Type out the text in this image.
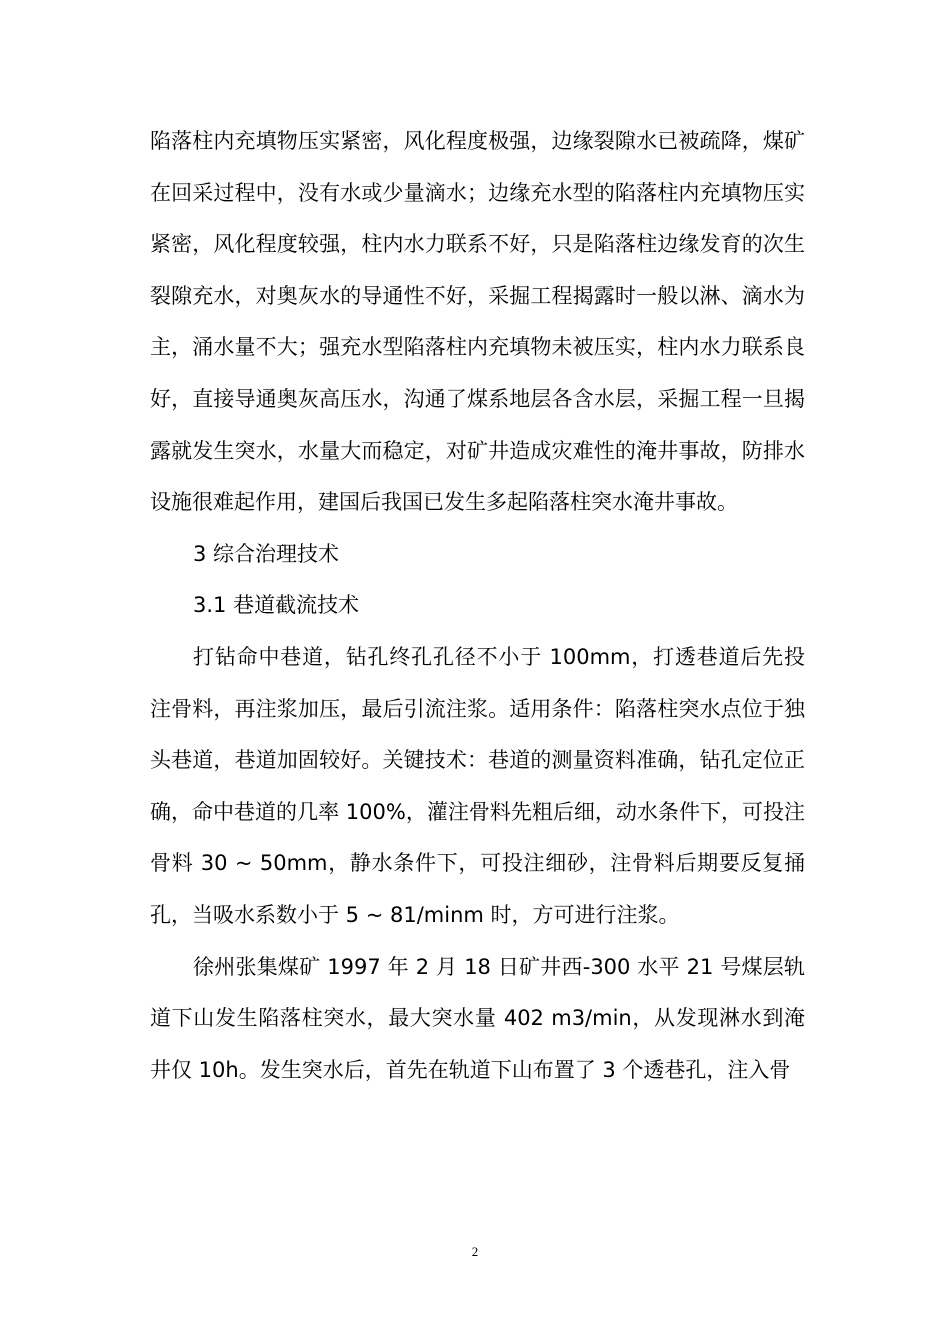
陷落柱内充填物压实紧密，风化程度极强，边缘裂隙水已被疏降，煤矿在回采过程中，没有水或少量滴水；边缘充水型的陷落柱内充填物压实紧密，风化程度较强，柱内水力联系不好，只是陷落柱边缘发育的次生裂隙充水，对奥灰水的导通性不好，采掘工程揭露时一般以淋、滴水为主，涌水量不大；强充水型陷落柱内充填物未被压实，柱内水力联系良好，直接导通奥灰高压水，沟通了煤系地层各含水层，采掘工程一旦揭露就发生突水，水量大而稳定，对矿井造成灾难性的淹井事故，防排水设施很难起作用，建国后我国已发生多起陷落柱突水淹井事故。

3 综合治理技术

3.1 巷道截流技术

打钻命中巷道，钻孔终孔孔径不小于 100mm，打透巷道后先投注骨料，再注浆加压，最后引流注浆。适用条件：陷落柱突水点位于独头巷道，巷道加固较好。关键技术：巷道的测量资料准确，钻孔定位正确，命中巷道的几率 100%，灌注骨料先粗后细，动水条件下，可投注骨料 30 ~ 50mm，静水条件下，可投注细砂，注骨料后期要反复捅孔，当吸水系数小于 5 ~ 81/minm 时，方可进行注浆。

徐州张集煤矿 1997 年 2 月 18 日矿井西-300 水平 21 号煤层轨道下山发生陷落柱突水，最大突水量 402 m3/min，从发现淋水到淹井仅 10h。发生突水后，首先在轨道下山布置了 3 个透巷孔，注入骨

2
